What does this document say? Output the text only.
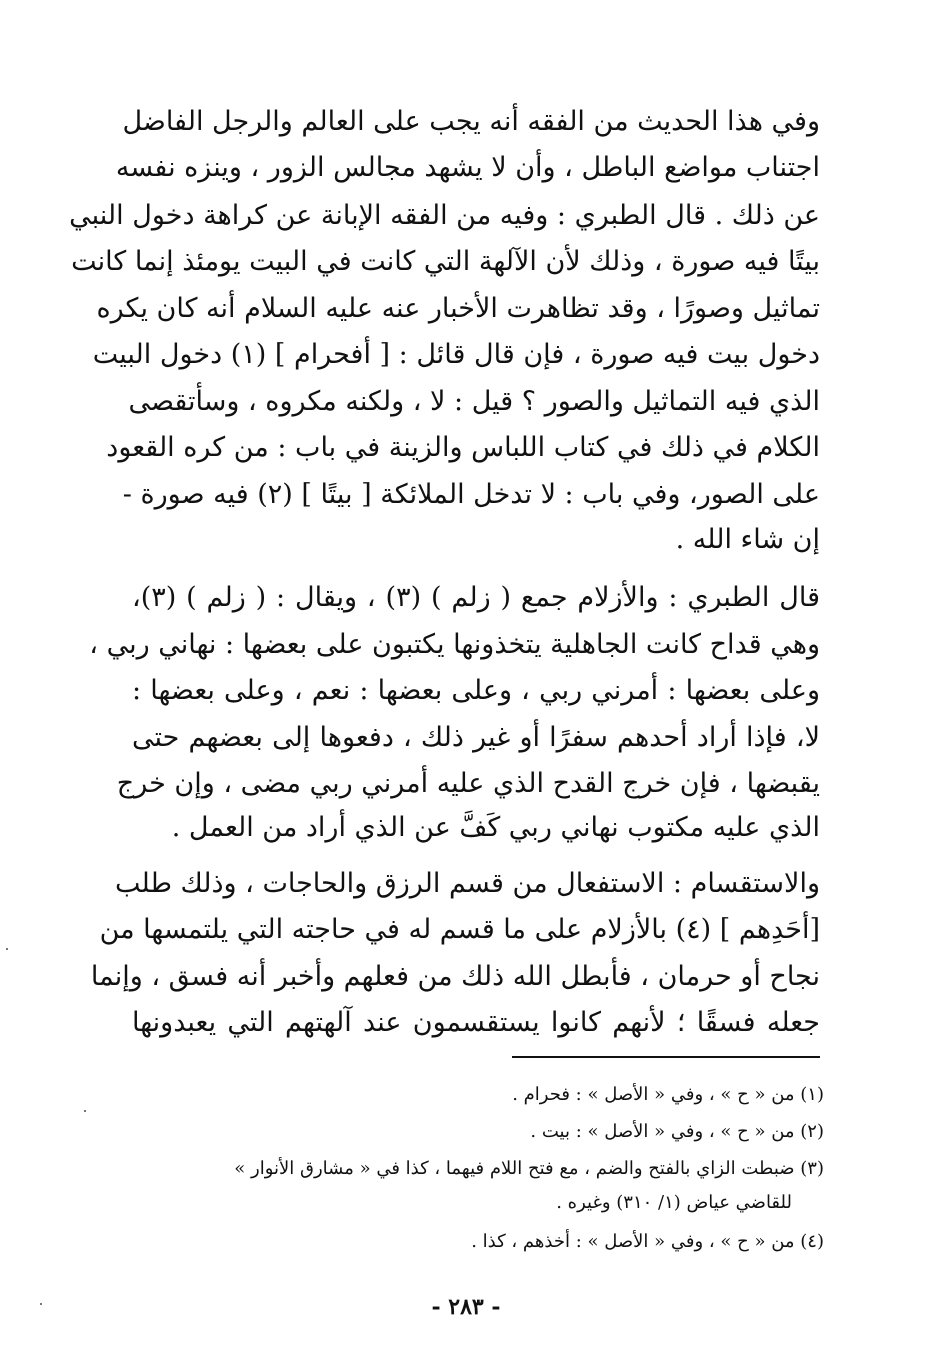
وفي هذا الحديث من الفقه أنه يجب على العالم والرجل الفاضل
اجتناب مواضع الباطل ، وأن لا يشهد مجالس الزور ، وينزه نفسه
عن ذلك . قال الطبري : وفيه من الفقه الإبانة عن كراهة دخول النبي
بيتًا فيه صورة ، وذلك لأن الآلهة التي كانت في البيت يومئذ إنما كانت
تماثيل وصورًا ، وقد تظاهرت الأخبار عنه عليه السلام أنه كان يكره
دخول بيت فيه صورة ، فإن قال قائل : [ أفحرام ] (١) دخول البيت
الذي فيه التماثيل والصور ؟ قيل : لا ، ولكنه مكروه ، وسأتقصى
الكلام في ذلك في كتاب اللباس والزينة في باب : من كره القعود
على الصور، وفي باب : لا تدخل الملائكة [ بيتًا ] (٢) فيه صورة -
إن شاء الله .
قال الطبري : والأزلام جمع ( زلم ) (٣) ، ويقال : ( زلم ) (٣)،
وهي قداح كانت الجاهلية يتخذونها يكتبون على بعضها : نهاني ربي ،
وعلى بعضها : أمرني ربي ، وعلى بعضها : نعم ، وعلى بعضها :
لا، فإذا أراد أحدهم سفرًا أو غير ذلك ، دفعوها إلى بعضهم حتى
يقبضها ، فإن خرج القدح الذي عليه أمرني ربي مضى ، وإن خرج
الذي عليه مكتوب نهاني ربي كَفَّ عن الذي أراد من العمل .
والاستقسام : الاستفعال من قسم الرزق والحاجات ، وذلك طلب
[أحَدِهم ] (٤) بالأزلام على ما قسم له في حاجته التي يلتمسها من
نجاح أو حرمان ، فأبطل الله ذلك من فعلهم وأخبر أنه فسق ، وإنما
جعله فسقًا ؛ لأنهم كانوا يستقسمون عند آلهتهم التي يعبدونها
(١) من « ح » ، وفي « الأصل » : فحرام .
(٢) من « ح » ، وفي « الأصل » : بيت .
(٣) ضبطت الزاي بالفتح والضم ، مع فتح اللام فيهما ، كذا في « مشارق الأنوار »
للقاضي عياض (١/ ٣١٠) وغيره .
(٤) من « ح » ، وفي « الأصل » : أخذهم ، كذا .
- ٢٨٣ -
